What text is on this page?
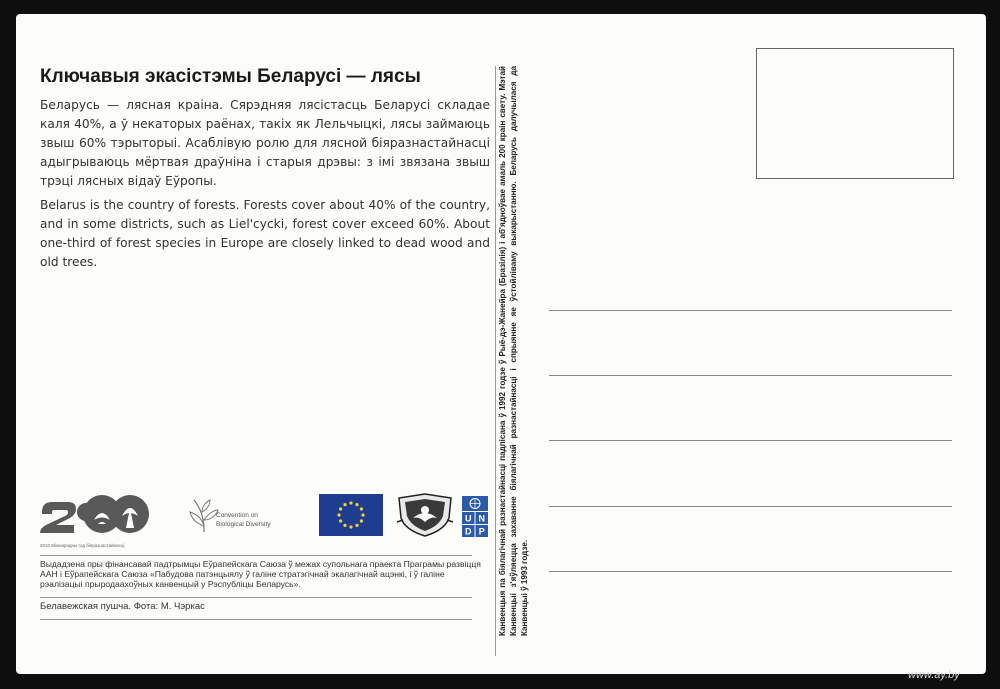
Ключавыя экасістэмы Беларусі — лясы

Беларусь — лясная краіна. Сярэдняя лясістасць Беларусі складае каля 40%, а ў некаторых раёнах, такіх як Лельчыцкі, лясы займаюць звыш 60% тэрыторыі. Асаблівую ролю для лясной біяразнастайнасці адыгрываюць мёртвая драўніна і старыя дрэвы: з імі звязана звыш трэці лясных відаў Еўропы.

Belarus is the country of forests. Forests cover about 40% of the country, and in some districts, such as Liel'cycki, forest cover exceed 60%. About one-third of forest species in Europe are closely linked to dead wood and old trees.	Канвенцыя па біялагічнай разнастайнасці падпісана ў 1992 годзе ў Рыё-дэ-Жанейра (Бразілія) і аб'ядноўвае амаль 200 краін свету. Мэтай Канвенцыі з'яўляецца захаванне біялагічнай разнастайнасці і спрыянне яе ўстойліваму выкарыстанню. Беларусь далучылася да Канвенцыі ў 1993 годзе.
2010
2010 Міжнародны год біяразнастайнасці
U N
D P
Convention on
Biological Diversity
Выдадзена пры фінансавай падтрымцы Еўрапейскага Саюза ў межах супольнага праекта Праграмы развіцця ААН і Еўрапейскага Саюза «Пабудова патэнцыялу ў галіне стратэгічнай экалагічнай ацэнкі, і ў галіне рэалізацыі прыродаахоўных канвенцый у Рэспубліцы Беларусь».
Белавежская пушча. Фота: М. Чэркас
www.ay.by
